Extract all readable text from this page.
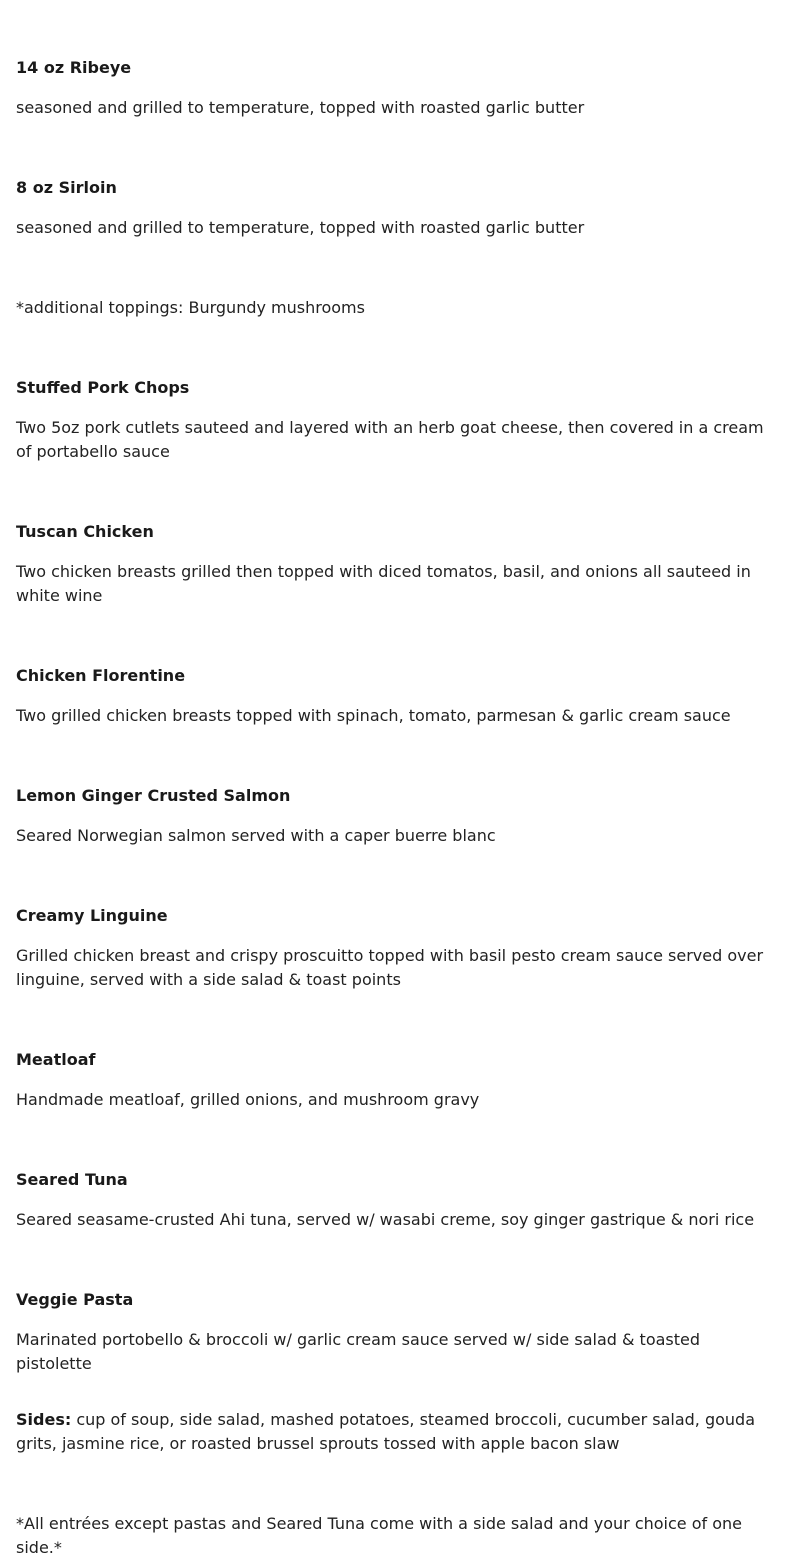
14 oz Ribeye

seasoned and grilled to temperature, topped with roasted garlic butter

8 oz Sirloin

seasoned and grilled to temperature, topped with roasted garlic butter

*additional toppings: Burgundy mushrooms

Stuffed Pork Chops

Two 5oz pork cutlets sauteed and layered with an herb goat cheese, then covered in a cream of portabello sauce

Tuscan Chicken

Two chicken breasts grilled then topped with diced tomatos, basil, and onions all sauteed in white wine

Chicken Florentine

Two grilled chicken breasts topped with spinach, tomato, parmesan & garlic cream sauce

Lemon Ginger Crusted Salmon

Seared Norwegian salmon served with a caper buerre blanc

Creamy Linguine

Grilled chicken breast and crispy proscuitto topped with basil pesto cream sauce served over linguine, served with a side salad & toast points

Meatloaf

Handmade meatloaf, grilled onions, and mushroom gravy

Seared Tuna

Seared seasame-crusted Ahi tuna, served w/ wasabi creme, soy ginger gastrique & nori rice

Veggie Pasta

Marinated portobello & broccoli w/ garlic cream sauce served w/ side salad & toasted pistolette

Sides: cup of soup, side salad, mashed potatoes, steamed broccoli, cucumber salad, gouda grits, jasmine rice, or roasted brussel sprouts tossed with apple bacon slaw

*All entrées except pastas and Seared Tuna come with a side salad and your choice of one side.*
